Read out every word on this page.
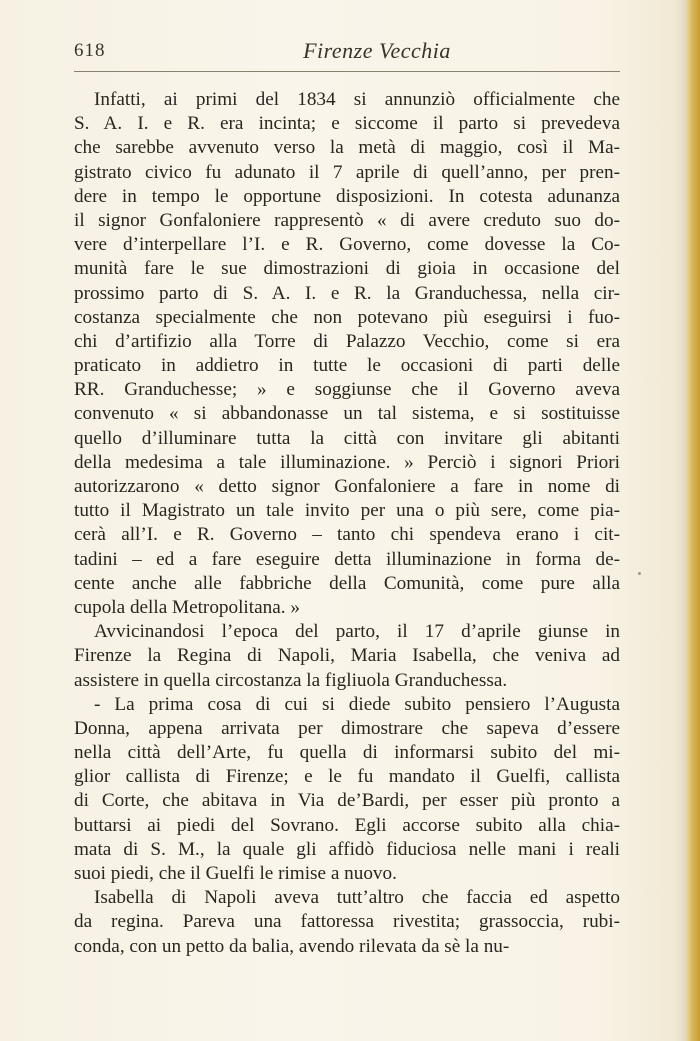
618	Firenze Vecchia
Infatti, ai primi del 1834 si annunziò officialmente che
S. A. I. e R. era incinta; e siccome il parto si prevedeva
che sarebbe avvenuto verso la metà di maggio, così il Ma-
gistrato civico fu adunato il 7 aprile di quell’anno, per pren-
dere in tempo le opportune disposizioni. In cotesta adunanza
il signor Gonfaloniere rappresentò « di avere creduto suo do-
vere d’interpellare l’I. e R. Governo, come dovesse la Co-
munità fare le sue dimostrazioni di gioia in occasione del
prossimo parto di S. A. I. e R. la Granduchessa, nella cir-
costanza specialmente che non potevano più eseguirsi i fuo-
chi d’artifizio alla Torre di Palazzo Vecchio, come si era
praticato in addietro in tutte le occasioni di parti delle
RR. Granduchesse; » e soggiunse che il Governo aveva
convenuto « si abbandonasse un tal sistema, e si sostituisse
quello d’illuminare tutta la città con invitare gli abitanti
della medesima a tale illuminazione. » Perciò i signori Priori
autorizzarono « detto signor Gonfaloniere a fare in nome di
tutto il Magistrato un tale invito per una o più sere, come pia-
cerà all’I. e R. Governo – tanto chi spendeva erano i cit-
tadini – ed a fare eseguire detta illuminazione in forma de-
cente anche alle fabbriche della Comunità, come pure alla
cupola della Metropolitana. »
Avvicinandosi l’epoca del parto, il 17 d’aprile giunse in
Firenze la Regina di Napoli, Maria Isabella, che veniva ad
assistere in quella circostanza la figliuola Granduchessa.
- La prima cosa di cui si diede subito pensiero l’Augusta
Donna, appena arrivata per dimostrare che sapeva d’essere
nella città dell’Arte, fu quella di informarsi subito del mi-
glior callista di Firenze; e le fu mandato il Guelfi, callista
di Corte, che abitava in Via de’Bardi, per esser più pronto a
buttarsi ai piedi del Sovrano. Egli accorse subito alla chia-
mata di S. M., la quale gli affidò fiduciosa nelle mani i reali
suoi piedi, che il Guelfi le rimise a nuovo.
Isabella di Napoli aveva tutt’altro che faccia ed aspetto
da regina. Pareva una fattoressa rivestita; grassoccia, rubi-
conda, con un petto da balia, avendo rilevata da sè la nu-
